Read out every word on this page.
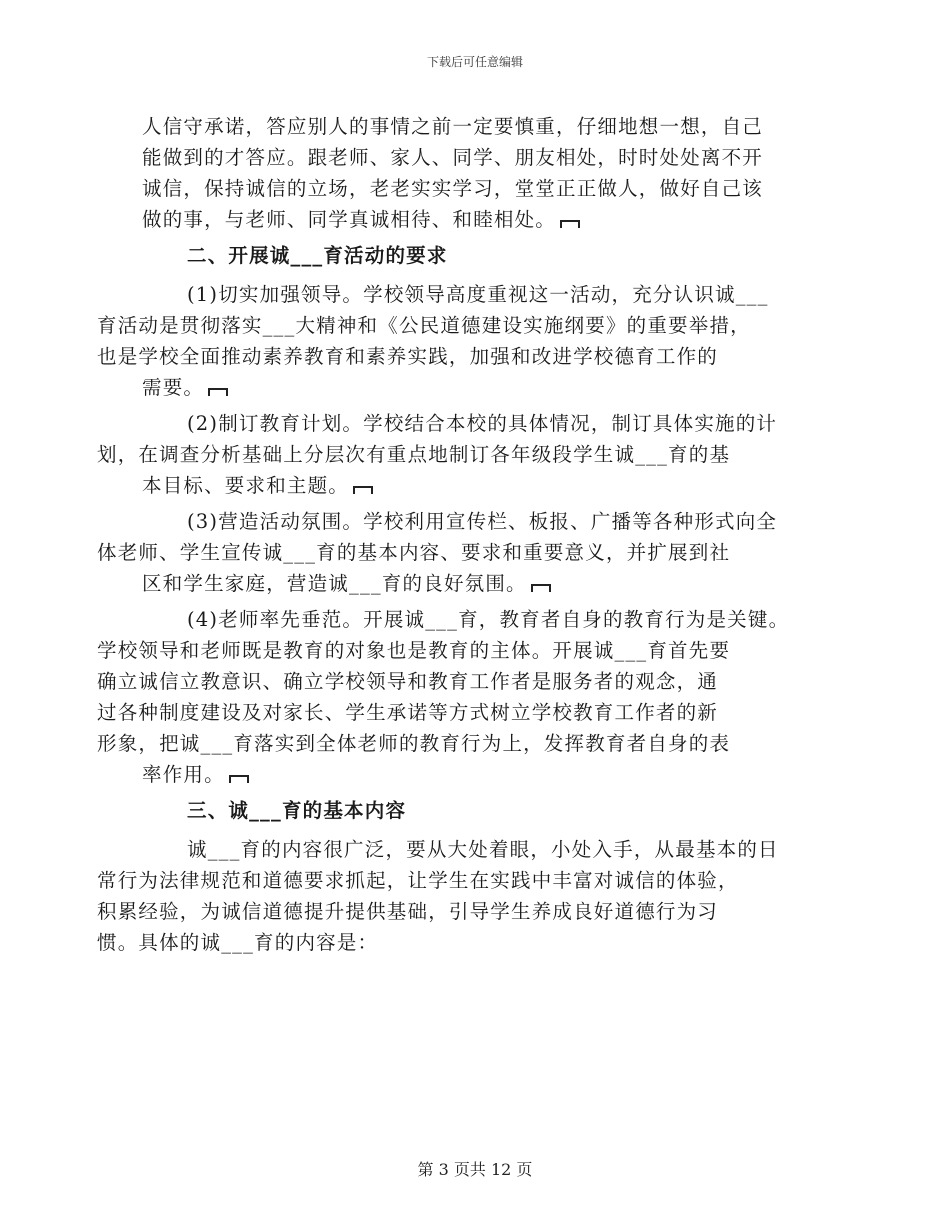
下载后可任意编辑
人信守承诺，答应别人的事情之前一定要慎重，仔细地想一想，自己
能做到的才答应。跟老师、家人、同学、朋友相处，时时处处离不开
诚信，保持诚信的立场，老老实实学习，堂堂正正做人，做好自己该
做的事，与老师、同学真诚相待、和睦相处。
二、开展诚___育活动的要求
(1)切实加强领导。学校领导高度重视这一活动，充分认识诚___
育活动是贯彻落实___大精神和《公民道德建设实施纲要》的重要举措，
也是学校全面推动素养教育和素养实践，加强和改进学校德育工作的
需要。
(2)制订教育计划。学校结合本校的具体情况，制订具体实施的计
划，在调查分析基础上分层次有重点地制订各年级段学生诚___育的基
本目标、要求和主题。
(3)营造活动氛围。学校利用宣传栏、板报、广播等各种形式向全
体老师、学生宣传诚___育的基本内容、要求和重要意义，并扩展到社
区和学生家庭，营造诚___育的良好氛围。
(4)老师率先垂范。开展诚___育，教育者自身的教育行为是关键。
学校领导和老师既是教育的对象也是教育的主体。开展诚___育首先要
确立诚信立教意识、确立学校领导和教育工作者是服务者的观念，通
过各种制度建设及对家长、学生承诺等方式树立学校教育工作者的新
形象，把诚___育落实到全体老师的教育行为上，发挥教育者自身的表
率作用。
三、诚___育的基本内容
诚___育的内容很广泛，要从大处着眼，小处入手，从最基本的日
常行为法律规范和道德要求抓起，让学生在实践中丰富对诚信的体验，
积累经验，为诚信道德提升提供基础，引导学生养成良好道德行为习
惯。具体的诚___育的内容是：
第 3 页共 12 页
